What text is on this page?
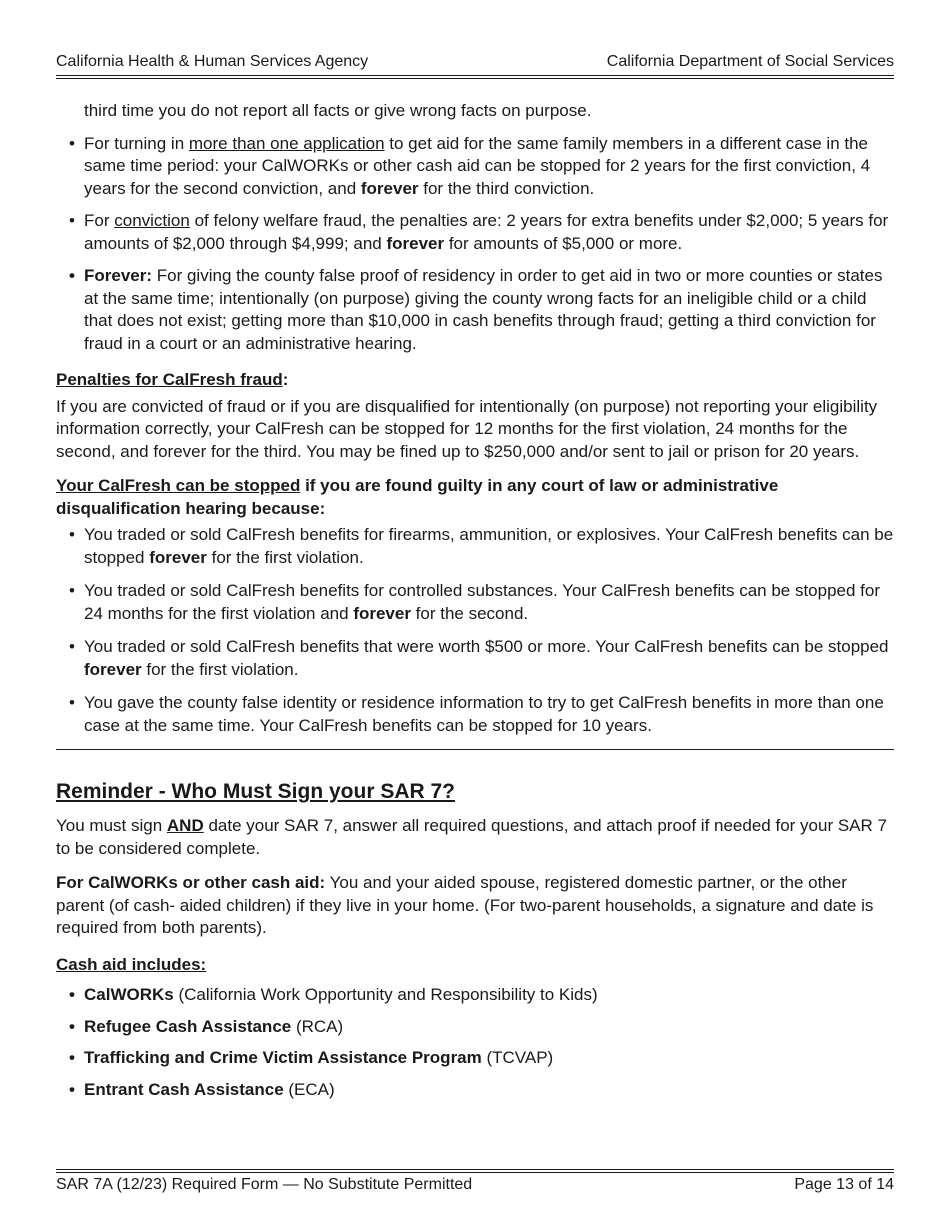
California Health & Human Services Agency	California Department of Social Services

third time you do not report all facts or give wrong facts on purpose.

• For turning in more than one application to get aid for the same family members in a different case in the same time period: your CalWORKs or other cash aid can be stopped for 2 years for the first conviction, 4 years for the second conviction, and forever for the third conviction.
• For conviction of felony welfare fraud, the penalties are: 2 years for extra benefits under $2,000; 5 years for amounts of $2,000 through $4,999; and forever for amounts of $5,000 or more.
• Forever: For giving the county false proof of residency in order to get aid in two or more counties or states at the same time; intentionally (on purpose) giving the county wrong facts for an ineligible child or a child that does not exist; getting more than $10,000 in cash benefits through fraud; getting a third conviction for fraud in a court or an administrative hearing.
Penalties for CalFresh fraud:

If you are convicted of fraud or if you are disqualified for intentionally (on purpose) not reporting your eligibility information correctly, your CalFresh can be stopped for 12 months for the first violation, 24 months for the second, and forever for the third. You may be fined up to $250,000 and/or sent to jail or prison for 20 years.

Your CalFresh can be stopped if you are found guilty in any court of law or administrative disqualification hearing because:
• You traded or sold CalFresh benefits for firearms, ammunition, or explosives. Your CalFresh benefits can be stopped forever for the first violation.
• You traded or sold CalFresh benefits for controlled substances. Your CalFresh benefits can be stopped for 24 months for the first violation and forever for the second.
• You traded or sold CalFresh benefits that were worth $500 or more. Your CalFresh benefits can be stopped forever for the first violation.
• You gave the county false identity or residence information to try to get CalFresh benefits in more than one case at the same time. Your CalFresh benefits can be stopped for 10 years.
Reminder - Who Must Sign your SAR 7?

You must sign AND date your SAR 7, answer all required questions, and attach proof if needed for your SAR 7 to be considered complete.

For CalWORKs or other cash aid: You and your aided spouse, registered domestic partner, or the other parent (of cash- aided children) if they live in your home. (For two-parent households, a signature and date is required from both parents).

Cash aid includes:
• CalWORKs (California Work Opportunity and Responsibility to Kids)
• Refugee Cash Assistance (RCA)
• Trafficking and Crime Victim Assistance Program (TCVAP)
• Entrant Cash Assistance (ECA)
SAR 7A (12/23) Required Form — No Substitute Permitted	Page 13 of 14
